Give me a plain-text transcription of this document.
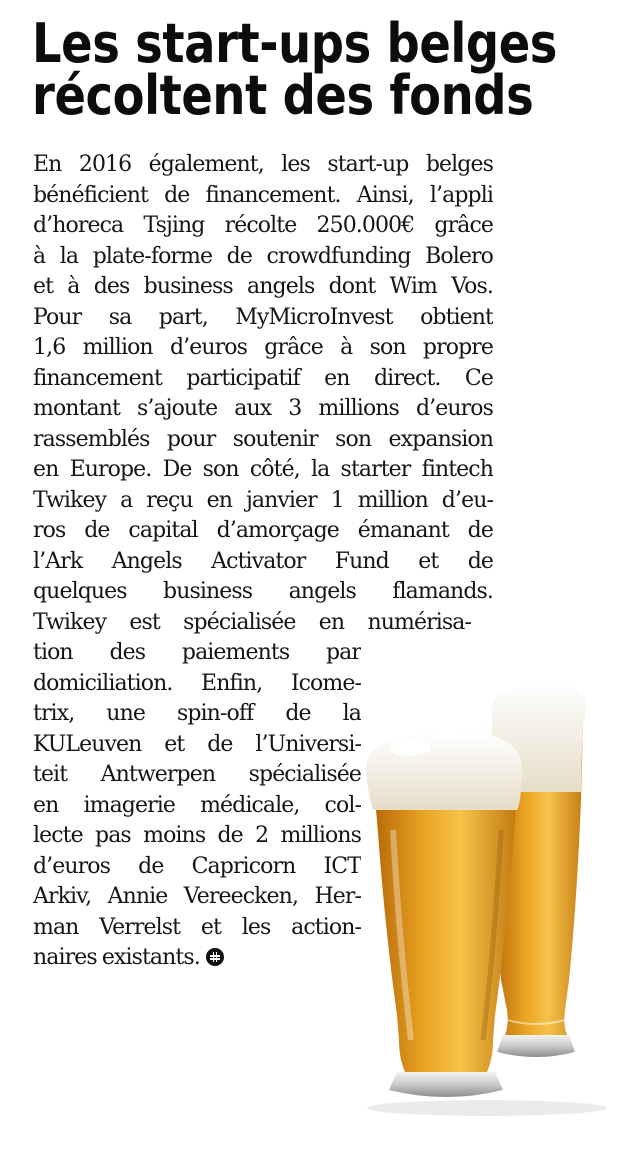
Les start-ups belges
récoltent des fonds
En 2016 également, les start-up belges
bénéficient de financement. Ainsi, l’appli
d’horeca Tsjing récolte 250.000€ grâce
à la plate-forme de crowdfunding Bolero
et à des business angels dont Wim Vos.
Pour sa part, MyMicroInvest obtient
1,6 million d’euros grâce à son propre
financement participatif en direct. Ce
montant s’ajoute aux 3 millions d’euros
rassemblés pour soutenir son expansion
en Europe. De son côté, la starter fintech
Twikey a reçu en janvier 1 million d’eu-
ros de capital d’amorçage émanant de
l’Ark Angels Activator Fund et de
quelques business angels flamands.
Twikey est spécialisée en numérisa-
tion des paiements par
domiciliation. Enfin, Icome-
trix, une spin-off de la
KULeuven et de l’Universi-
teit Antwerpen spécialisée
en imagerie médicale, col-
lecte pas moins de 2 millions
d’euros de Capricorn ICT
Arkiv, Annie Vereecken, Her-
man Verrelst et les action-
naires existants.
